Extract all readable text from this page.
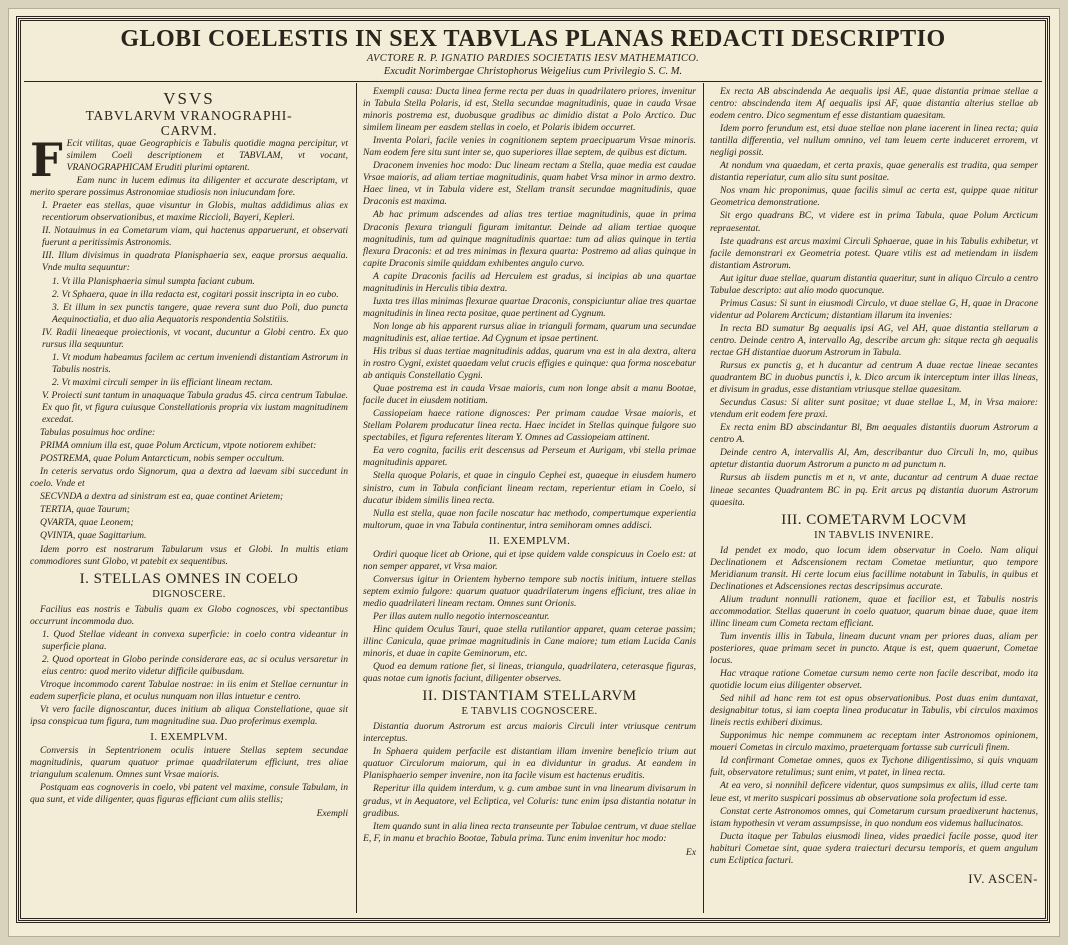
GLOBI COELESTIS IN SEX TABVLAS PLANAS REDACTI DESCRIPTIO
AVCTORE R. P. IGNATIO PARDIES SOCIETATIS IESV MATHEMATICO.
Excudit Norimbergae Christophorus Weigelius cum Privilegio S. C. M.
VSVS
TABVLARVM VRANOGRAPHI-
CARVM.

F Ecit vtilitas, quae Geographicis e Tabulis quotidie magna percipitur, vt similem Coeli descriptionem et TABVLAM, vt vocant, VRANOGRAPHICAM Eruditi plurimi optarent.

Eam nunc in lucem edimus ita diligenter et accurate descriptam, vt merito sperare possimus Astronomiae studiosis non iniucundam fore.

I. Praeter eas stellas, quae visuntur in Globis, multas addidimus alias ex recentiorum observationibus, et maxime Riccioli, Bayeri, Kepleri.

II. Notauimus in ea Cometarum viam, qui hactenus apparuerunt, et observati fuerunt a peritissimis Astronomis.

III. Illum divisimus in quadrata Planisphaeria sex, eaque prorsus aequalia. Vnde multa sequuntur:

1. Vt illa Planisphaeria simul sumpta faciant cubum.

2. Vt Sphaera, quae in illa redacta est, cogitari possit inscripta in eo cubo.

3. Et illum in sex punctis tangere, quae revera sunt duo Poli, duo puncta Aequinoctialia, et duo alia Aequatoris respondentia Solstitiis.

IV. Radii lineaeque proiectionis, vt vocant, ducuntur a Globi centro. Ex quo rursus illa sequuntur.

1. Vt modum habeamus facilem ac certum inveniendi distantiam Astrorum in Tabulis nostris.

2. Vt maximi circuli semper in iis efficiant lineam rectam.

V. Proiecti sunt tantum in unaquaque Tabula gradus 45. circa centrum Tabulae. Ex quo fit, vt figura cuiusque Constellationis propria vix iustam magnitudinem excedat.

Tabulas posuimus hoc ordine:

PRIMA omnium illa est, quae Polum Arcticum, vtpote notiorem exhibet:

POSTREMA, quae Polum Antarcticum, nobis semper occultum.

In ceteris servatus ordo Signorum, qua a dextra ad laevam sibi succedunt in coelo. Vnde et

SECVNDA a dextra ad sinistram est ea, quae continet Arietem;

TERTIA, quae Taurum;

QVARTA, quae Leonem;

QVINTA, quae Sagittarium.

Idem porro est nostrarum Tabularum vsus et Globi. In multis etiam commodiores sunt Globo, vt patebit ex sequentibus.

I. STELLAS OMNES IN COELO
DIGNOSCERE.

Facilius eas nostris e Tabulis quam ex Globo cognosces, vbi spectantibus occurrunt incommoda duo.

1. Quod Stellae videant in convexa superficie: in coelo contra videantur in superficie plana.

2. Quod oporteat in Globo perinde considerare eas, ac si oculus versaretur in eius centro: quod merito videtur difficile quibusdam.

Vtroque incommodo carent Tabulae nostrae: in iis enim et Stellae cernuntur in eadem superficie plana, et oculus nunquam non illas intuetur e centro.

Vt vero facile dignoscantur, duces initium ab aliqua Constellatione, quae sit ipsa conspicua tum figura, tum magnitudine sua. Duo proferimus exempla.

I. EXEMPLVM.

Conversis in Septentrionem oculis intuere Stellas septem secundae magnitudinis, quarum quatuor primae quadrilaterum efficiunt, tres aliae triangulum scalenum. Omnes sunt Vrsae maioris.

Postquam eas cognoveris in coelo, vbi patent vel maxime, consule Tabulam, in qua sunt, et vide diligenter, quas figuras efficiant cum aliis stellis;

Exempli

Exempli causa: Ducta linea ferme recta per duas in quadrilatero priores, invenitur in Tabula Stella Polaris, id est, Stella secundae magnitudinis, quae in cauda Vrsae minoris postrema est, duobusque gradibus ac dimidio distat a Polo Arctico. Duc similem lineam per easdem stellas in coelo, et Polaris ibidem occurret.

Inventa Polari, facile venies in cognitionem septem praecipuarum Vrsae minoris. Nam eodem fere situ sunt inter se, quo superiores illae septem, de quibus est dictum.

Draconem invenies hoc modo: Duc lineam rectam a Stella, quae media est caudae Vrsae maioris, ad aliam tertiae magnitudinis, quam habet Vrsa minor in armo dextro. Haec linea, vt in Tabula videre est, Stellam transit secundae magnitudinis, quae Draconis est maxima.

Ab hac primum adscendes ad alias tres tertiae magnitudinis, quae in prima Draconis flexura trianguli figuram imitantur. Deinde ad aliam tertiae quoque magnitudinis, tum ad quinque magnitudinis quartae: tum ad alias quinque in tertia flexura Draconis: et ad tres minimas in flexura quarta: Postremo ad alias quinque in capite Draconis simile quiddam exhibentes angulo curvo.

A capite Draconis facilis ad Herculem est gradus, si incipias ab una quartae magnitudinis in Herculis tibia dextra.

Iuxta tres illas minimas flexurae quartae Draconis, conspiciuntur aliae tres quartae magnitudinis in linea recta positae, quae pertinent ad Cygnum.

Non longe ab his apparent rursus aliae in trianguli formam, quarum una secundae magnitudinis est, aliae tertiae. Ad Cygnum et ipsae pertinent.

His tribus si duas tertiae magnitudinis addas, quarum vna est in ala dextra, altera in rostro Cygni, existet quaedam velut crucis effigies e quinque: qua forma noscebatur ab antiquis Constellatio Cygni.

Quae postrema est in cauda Vrsae maioris, cum non longe absit a manu Bootae, facile ducet in eiusdem notitiam.

Cassiopeiam haece ratione dignosces: Per primam caudae Vrsae maioris, et Stellam Polarem producatur linea recta. Haec incidet in Stellas quinque fulgore suo spectabiles, et figura referentes literam Y. Omnes ad Cassiopeiam attinent.

Ea vero cognita, facilis erit descensus ad Perseum et Aurigam, vbi stella primae magnitudinis apparet.

Stella quoque Polaris, et quae in cingulo Cephei est, quaeque in eiusdem humero sinistro, cum in Tabula conficiant lineam rectam, reperientur etiam in Coelo, si ducatur ibidem similis linea recta.

Nulla est stella, quae non facile noscatur hac methodo, compertumque experientia multorum, quae in vna Tabula continentur, intra semihoram omnes addisci.

II. EXEMPLVM.

Ordiri quoque licet ab Orione, qui et ipse quidem valde conspicuus in Coelo est: at non semper apparet, vt Vrsa maior.

Conversus igitur in Orientem hyberno tempore sub noctis initium, intuere stellas septem eximio fulgore: quarum quatuor quadrilaterum ingens efficiunt, tres aliae in medio quadrilateri lineam rectam. Omnes sunt Orionis.

Per illas autem nullo negotio internosceantur.

Hinc quidem Oculus Tauri, quae stella rutilantior apparet, quam ceterae passim; illinc Canicula, quae primae magnitudinis in Cane maiore; tum etiam Lucida Canis minoris, et duae in capite Geminorum, etc.

Quod ea demum ratione fiet, si lineas, triangula, quadrilatera, ceterasque figuras, quas notae cum ignotis faciunt, diligenter observes.

II. DISTANTIAM STELLARVM
E TABVLIS COGNOSCERE.

Distantia duorum Astrorum est arcus maioris Circuli inter vtriusque centrum interceptus.

In Sphaera quidem perfacile est distantiam illam invenire beneficio trium aut quatuor Circulorum maiorum, qui in ea dividuntur in gradus. At eandem in Planisphaerio semper invenire, non ita facile visum est hactenus eruditis.

Reperitur illa quidem interdum, v. g. cum ambae sunt in vna linearum divisarum in gradus, vt in Aequatore, vel Ecliptica, vel Coluris: tunc enim ipsa distantia notatur in gradibus.

Item quando sunt in alia linea recta transeunte per Tabulae centrum, vt duae stellae E, F, in manu et brachio Bootae, Tabula prima. Tunc enim invenitur hoc modo:

Ex

Ex recta AB abscindenda Ae aequalis ipsi AE, quae distantia primae stellae a centro: abscindenda item Af aequalis ipsi AF, quae distantia alterius stellae ab eodem centro. Dico segmentum ef esse distantiam quaesitam.

Idem porro ferundum est, etsi duae stellae non plane iacerent in linea recta; quia tantilla differentia, vel nullum omnino, vel tam leuem certe induceret errorem, vt negligi possit.

At nondum vna quaedam, et certa praxis, quae generalis est tradita, qua semper distantia reperiatur, cum alio situ sunt positae.

Nos vnam hic proponimus, quae facilis simul ac certa est, quippe quae nititur Geometrica demonstratione.

Sit ergo quadrans BC, vt videre est in prima Tabula, quae Polum Arcticum repraesentat.

Iste quadrans est arcus maximi Circuli Sphaerae, quae in his Tabulis exhibetur, vt facile demonstrari ex Geometria potest. Quare vtilis est ad metiendam in iisdem distantiam Astrorum.

Aut igitur duae stellae, quarum distantia quaeritur, sunt in aliquo Circulo a centro Tabulae descripto: aut alio modo quocunque.

Primus Casus: Si sunt in eiusmodi Circulo, vt duae stellae G, H, quae in Dracone videntur ad Polarem Arcticum; distantiam illarum ita invenies:

In recta BD sumatur Bg aequalis ipsi AG, vel AH, quae distantia stellarum a centro. Deinde centro A, intervallo Ag, describe arcum gh: sitque recta gh aequalis rectae GH distantiae duorum Astrorum in Tabula.

Rursus ex punctis g, et h ducantur ad centrum A duae rectae lineae secantes quadrantem BC in duobus punctis i, k. Dico arcum ik interceptum inter illas lineas, et divisum in gradus, esse distantiam vtriusque stellae quaesitam.

Secundus Casus: Si aliter sunt positae; vt duae stellae L, M, in Vrsa maiore: vtendum erit eodem fere praxi.

Ex recta enim BD abscindantur Bl, Bm aequales distantiis duorum Astrorum a centro A.

Deinde centro A, intervallis Al, Am, describantur duo Circuli ln, mo, quibus aptetur distantia duorum Astrorum a puncto m ad punctum n.

Rursus ab iisdem punctis m et n, vt ante, ducantur ad centrum A duae rectae lineae secantes Quadrantem BC in pq. Erit arcus pq distantia duorum Astrorum quaesita.

III. COMETARVM LOCVM
IN TABVLIS INVENIRE.

Id pendet ex modo, quo locum idem observatur in Coelo. Nam aliqui Declinationem et Adscensionem rectam Cometae metiuntur, quo tempore Meridianum transit. Hi certe locum eius facillime notabunt in Tabulis, in quibus et Declinationes et Adscensiones rectas descripsimus accurate.

Alium tradunt nonnulli rationem, quae et facilior est, et Tabulis nostris accommodatior. Stellas quaerunt in coelo quatuor, quarum binae duae, quae item illinc lineam cum Cometa rectam efficiant.

Tum inventis illis in Tabula, lineam ducunt vnam per priores duas, aliam per posteriores, quae primam secet in puncto. Atque is est, quem quaerunt, Cometae locus.

Hac vtraque ratione Cometae cursum nemo certe non facile describat, modo ita quotidie locum eius diligenter observet.

Sed nihil ad hanc rem tot est opus observationibus. Post duas enim duntaxat, designabitur totus, si iam coepta linea producatur in Tabulis, vbi circulos maximos lineis rectis exhiberi diximus.

Supponimus hic nempe communem ac receptam inter Astronomos opinionem, moueri Cometas in circulo maximo, praeterquam fortasse sub curriculi finem.

Id confirmant Cometae omnes, quos ex Tychone diligentissimo, si quis vnquam fuit, observatore retulimus; sunt enim, vt patet, in linea recta.

At ea vero, si nonnihil deficere videntur, quos sumpsimus ex aliis, illud certe tam leue est, vt merito suspicari possimus ab observatione sola profectum id esse.

Constat certe Astronomos omnes, qui Cometarum cursum praedixerunt hactenus, istam hypothesin vt veram assumpsisse, in quo nondum eos videmus hallucinatos.

Ducta itaque per Tabulas eiusmodi linea, vides praedici facile posse, quod iter habituri Cometae sint, quae sydera traiecturi decursu temporis, et quem angulum cum Ecliptica facturi.

IV. ASCEN-
